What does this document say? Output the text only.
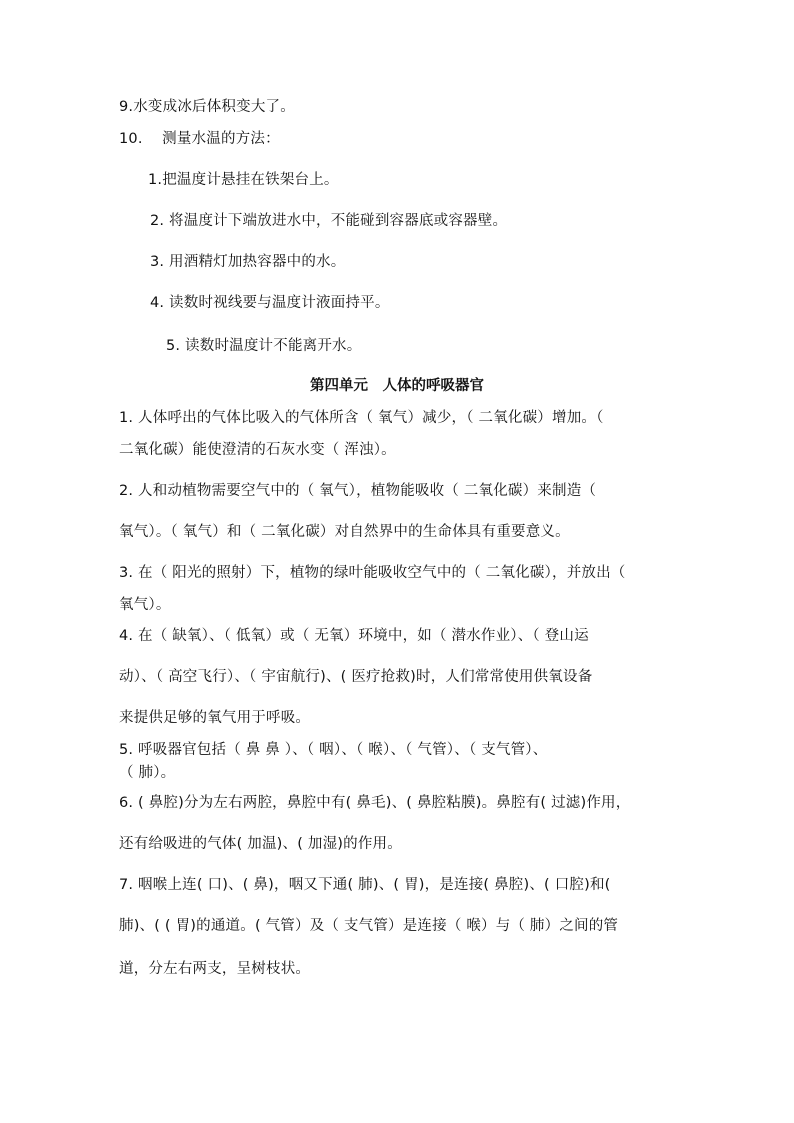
9.水变成冰后体积变大了。
10.　 测量水温的方法：
1.把温度计悬挂在铁架台上。
2. 将温度计下端放进水中，不能碰到容器底或容器壁。
3. 用酒精灯加热容器中的水。
4. 读数时视线要与温度计液面持平。
5. 读数时温度计不能离开水。
第四单元　人体的呼吸器官
1. 人体呼出的气体比吸入的气体所含（ 氧气）减少，（ 二氧化碳）增加。（
二氧化碳）能使澄清的石灰水变（ 浑浊）。
2. 人和动植物需要空气中的（ 氧气），植物能吸收（ 二氧化碳）来制造（
氧气）。（ 氧气）和（ 二氧化碳）对自然界中的生命体具有重要意义。
3. 在（ 阳光的照射）下，植物的绿叶能吸收空气中的（ 二氧化碳），并放出（
氧气）。
4. 在（ 缺氧）、（ 低氧）或（ 无氧）环境中，如（ 潜水作业）、（ 登山运
动）、（ 高空飞行）、（ 宇宙航行)、( 医疗抢救)时，人们常常使用供氧设备
来提供足够的氧气用于呼吸。
5. 呼吸器官包括（ 鼻 鼻 ）、（ 咽）、（ 喉）、（ 气管）、（ 支气管）、
（ 肺）。
6. ( 鼻腔)分为左右两腔，鼻腔中有( 鼻毛)、( 鼻腔粘膜)。鼻腔有( 过滤)作用，
还有给吸进的气体( 加温)、( 加湿)的作用。
7. 咽喉上连( 口)、( 鼻)，咽又下通( 肺)、( 胃)，是连接( 鼻腔)、( 口腔)和(
肺)、( ( 胃)的通道。( 气管）及（ 支气管）是连接（ 喉）与（ 肺）之间的管
道，分左右两支，呈树枝状。
